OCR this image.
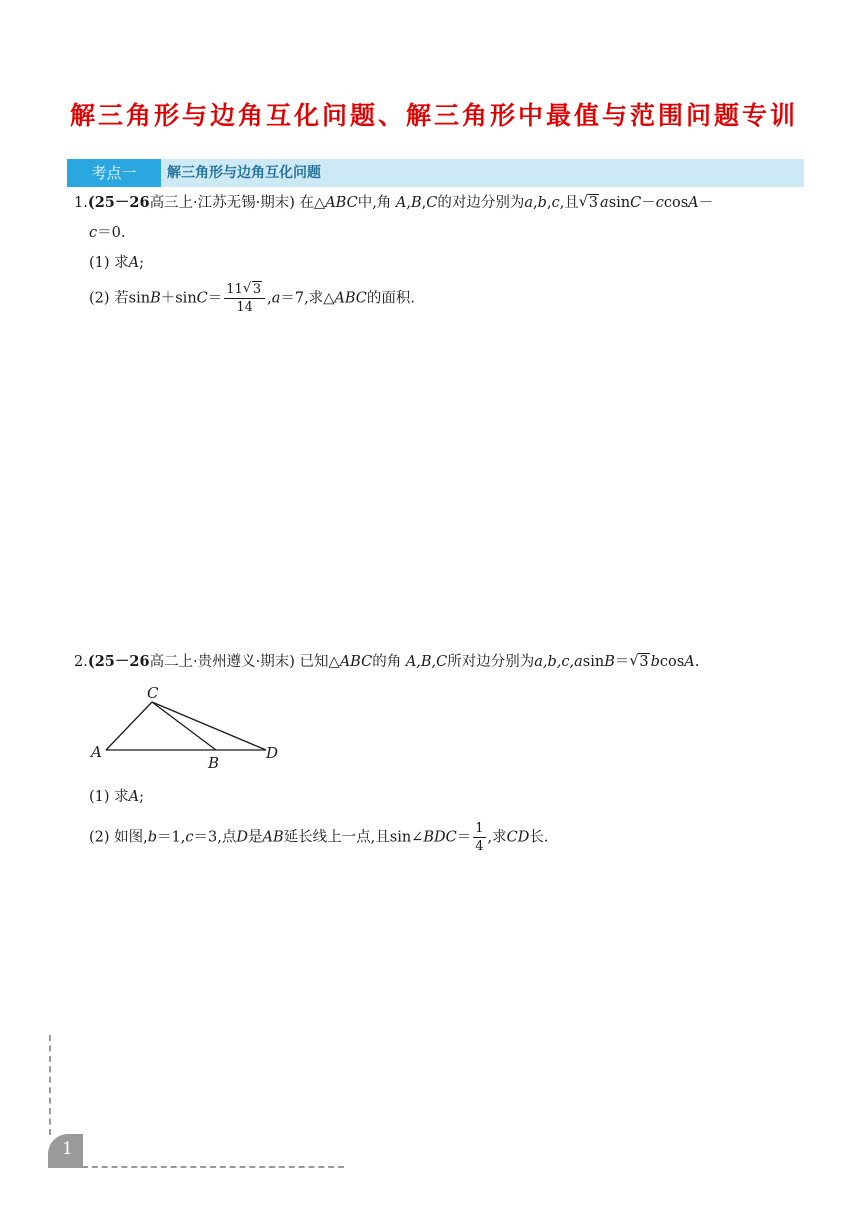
解三角形与边角互化问题、解三角形中最值与范围问题专训
考点一	解三角形与边角互化问题
1.(25－26高三上·江苏无锡·期末) 在△ABC中,角 A,B,C的对边分别为a,b,c,且 √ 3 asinC－ccosA－
c＝0.
(1) 求A;
(2) 若$\sin B+\sin C= \frac{11 √ 3}{14} ,a=7$,求△ABC的面积.
2.(25－26高二上·贵州遵义·期末) 已知△ABC的角 A,B,C所对边分别为a,b,c,asinB＝ √ 3 bcosA.
C
A
B
D
(1) 求A;
(2) 如图,b＝1,c＝3,点D是AB延长线上一点,且sin∠BDC＝ $\frac{1}{4}$ ,求CD长.
1
